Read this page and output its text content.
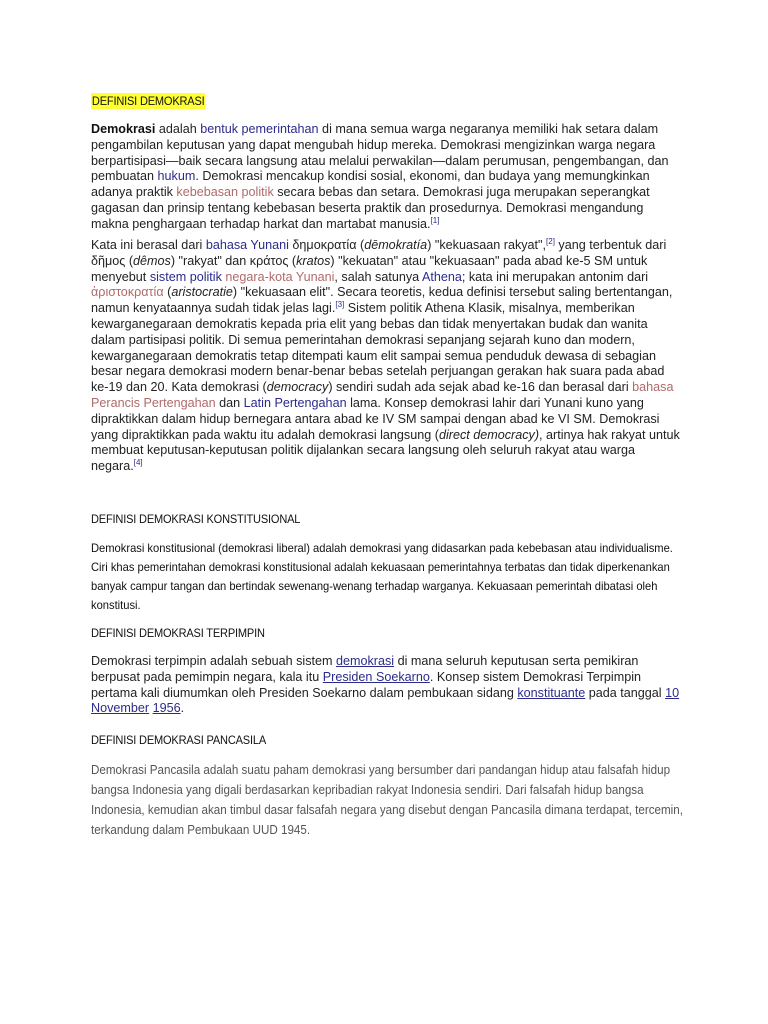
DEFINISI DEMOKRASI

Demokrasi adalah bentuk pemerintahan di mana semua warga negaranya memiliki hak setara dalam pengambilan keputusan yang dapat mengubah hidup mereka. Demokrasi mengizinkan warga negara berpartisipasi—baik secara langsung atau melalui perwakilan—dalam perumusan, pengembangan, dan pembuatan hukum. Demokrasi mencakup kondisi sosial, ekonomi, dan budaya yang memungkinkan adanya praktik kebebasan politik secara bebas dan setara. Demokrasi juga merupakan seperangkat gagasan dan prinsip tentang kebebasan beserta praktik dan prosedurnya. Demokrasi mengandung makna penghargaan terhadap harkat dan martabat manusia.[1]

Kata ini berasal dari bahasa Yunani δημοκρατία (dēmokratía) "kekuasaan rakyat",[2] yang terbentuk dari δῆμος (dêmos) "rakyat" dan κράτος (kratos) "kekuatan" atau "kekuasaan" pada abad ke-5 SM untuk menyebut sistem politik negara-kota Yunani, salah satunya Athena; kata ini merupakan antonim dari ἀριστοκρατία (aristocratie) "kekuasaan elit". Secara teoretis, kedua definisi tersebut saling bertentangan, namun kenyataannya sudah tidak jelas lagi.[3] Sistem politik Athena Klasik, misalnya, memberikan kewarganegaraan demokratis kepada pria elit yang bebas dan tidak menyertakan budak dan wanita dalam partisipasi politik. Di semua pemerintahan demokrasi sepanjang sejarah kuno dan modern, kewarganegaraan demokratis tetap ditempati kaum elit sampai semua penduduk dewasa di sebagian besar negara demokrasi modern benar-benar bebas setelah perjuangan gerakan hak suara pada abad ke-19 dan 20. Kata demokrasi (democracy) sendiri sudah ada sejak abad ke-16 dan berasal dari bahasa Perancis Pertengahan dan Latin Pertengahan lama. Konsep demokrasi lahir dari Yunani kuno yang dipraktikkan dalam hidup bernegara antara abad ke IV SM sampai dengan abad ke VI SM. Demokrasi yang dipraktikkan pada waktu itu adalah demokrasi langsung (direct democracy), artinya hak rakyat untuk membuat keputusan-keputusan politik dijalankan secara langsung oleh seluruh rakyat atau warga negara.[4]

DEFINISI DEMOKRASI KONSTITUSIONAL

Demokrasi konstitusional (demokrasi liberal) adalah demokrasi yang didasarkan pada kebebasan atau individualisme. Ciri khas pemerintahan demokrasi konstitusional adalah kekuasaan pemerintahnya terbatas dan tidak diperkenankan banyak campur tangan dan bertindak sewenang-wenang terhadap warganya. Kekuasaan pemerintah dibatasi oleh konstitusi.

DEFINISI DEMOKRASI TERPIMPIN

Demokrasi terpimpin adalah sebuah sistem demokrasi di mana seluruh keputusan serta pemikiran berpusat pada pemimpin negara, kala itu Presiden Soekarno. Konsep sistem Demokrasi Terpimpin pertama kali diumumkan oleh Presiden Soekarno dalam pembukaan sidang konstituante pada tanggal 10 November 1956.

DEFINISI DEMOKRASI PANCASILA

Demokrasi Pancasila adalah suatu paham demokrasi yang bersumber dari pandangan hidup atau falsafah hidup bangsa Indonesia yang digali berdasarkan kepribadian rakyat Indonesia sendiri. Dari falsafah hidup bangsa Indonesia, kemudian akan timbul dasar falsafah negara yang disebut dengan Pancasila dimana terdapat, tercemin, terkandung dalam Pembukaan UUD 1945.
